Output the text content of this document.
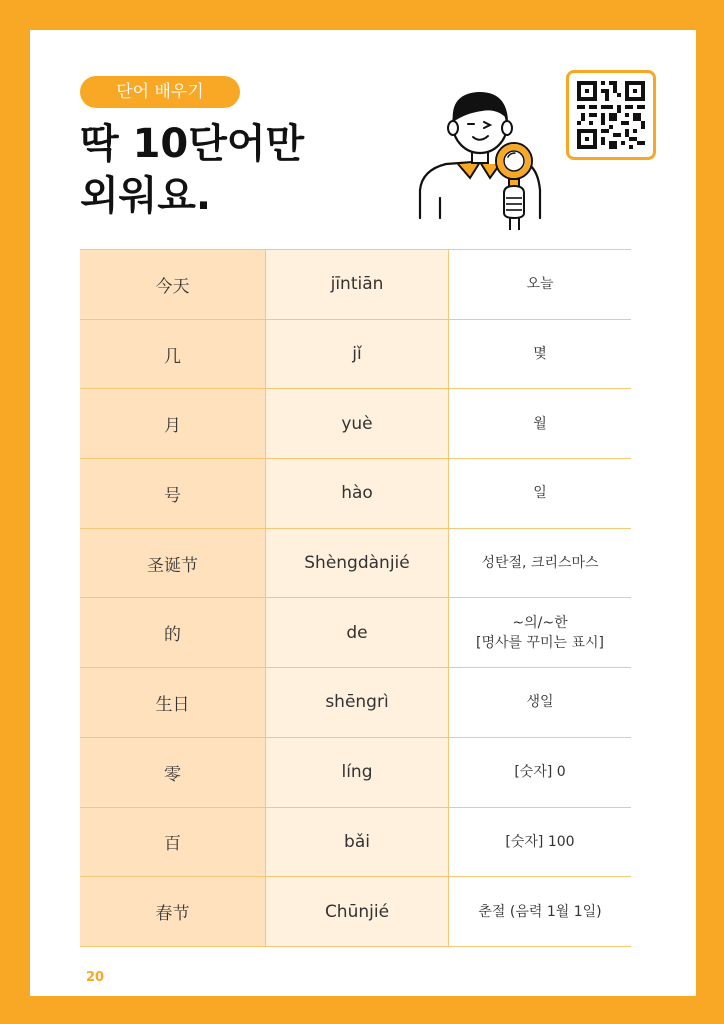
단어 배우기
딱 10단어만
외워요.
今天	jīntiān	오늘
几	jǐ	몇
月	yuè	월
号	hào	일
圣诞节	Shèngdànjié	성탄절, 크리스마스
的	de	~의/~한
[명사를 꾸미는 표시]
生日	shēngrì	생일
零	líng	[숫자] 0
百	bǎi	[숫자] 100
春节	Chūnjié	춘절 (음력 1월 1일)
20
